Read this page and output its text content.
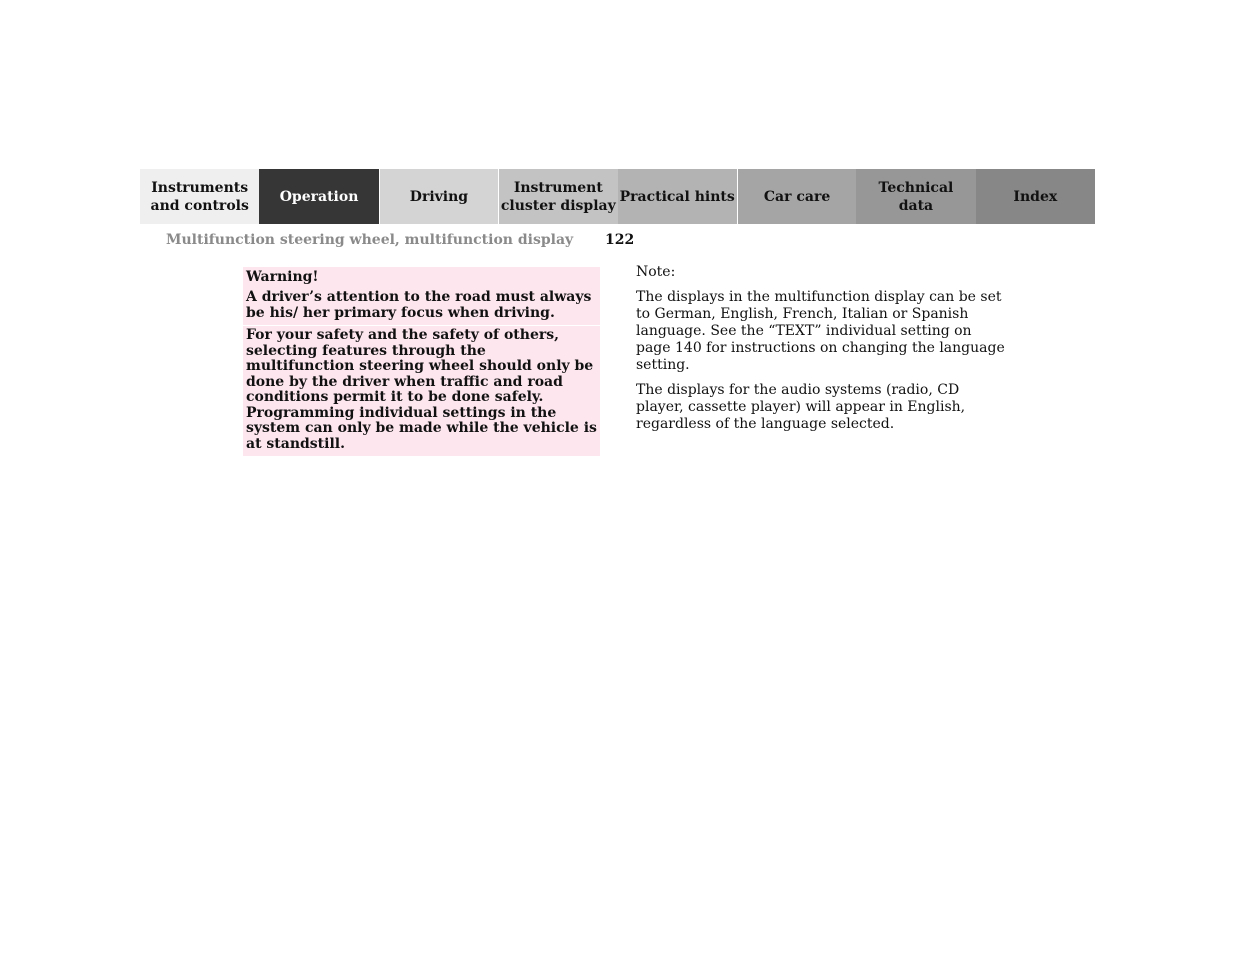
Instruments
and controls
Operation	Driving
Instrument
cluster display
Practical hints	Car care
Technical
data
Index
Multifunction steering wheel, multifunction display 122
Warning!
A driver’s attention to the road must always be his/ her primary focus when driving.
For your safety and the safety of others, selecting features through the multifunction steering wheel should only be done by the driver when traffic and road conditions permit it to be done safely. Programming individual settings in the system can only be made while the vehicle is at standstill.
Note:

The displays in the multifunction display can be set to German, English, French, Italian or Spanish language. See the “TEXT” individual setting on page 140 for instructions on changing the language setting.

The displays for the audio systems (radio, CD player, cassette player) will appear in English, regardless of the language selected.
